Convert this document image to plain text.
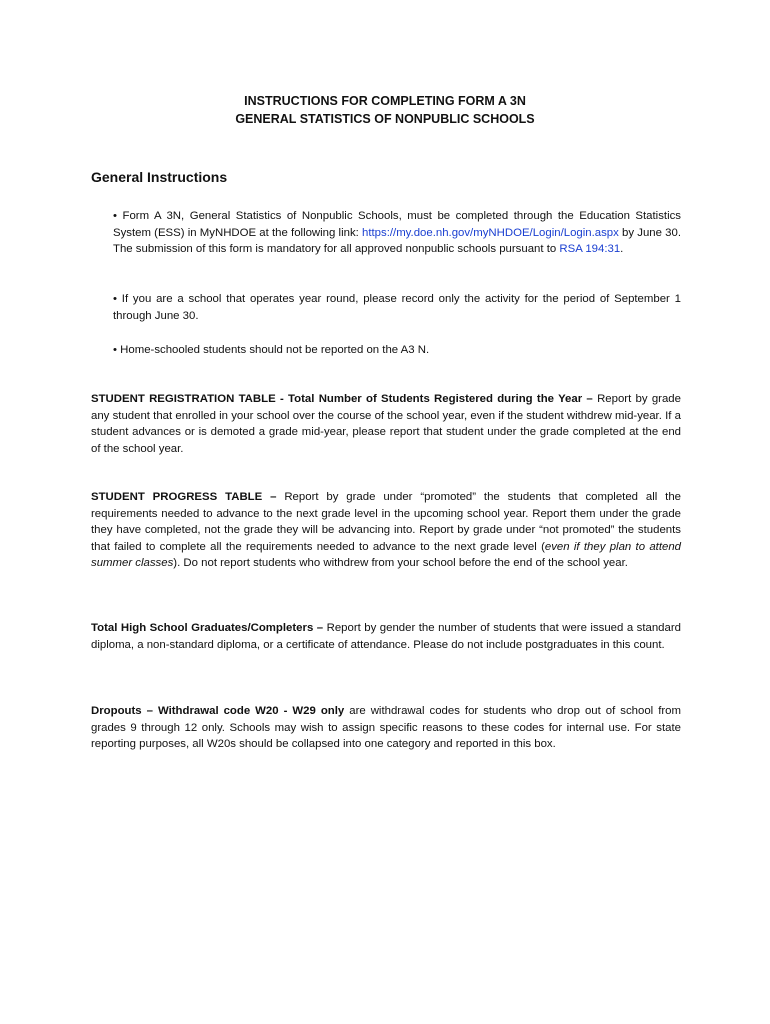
INSTRUCTIONS FOR COMPLETING FORM A 3N
GENERAL STATISTICS OF NONPUBLIC SCHOOLS
General Instructions
• Form A 3N, General Statistics of Nonpublic Schools, must be completed through the Education Statistics System (ESS) in MyNHDOE at the following link: https://my.doe.nh.gov/myNHDOE/Login/Login.aspx by June 30. The submission of this form is mandatory for all approved nonpublic schools pursuant to RSA 194:31.
• If you are a school that operates year round, please record only the activity for the period of September 1 through June 30.
• Home-schooled students should not be reported on the A3 N.
STUDENT REGISTRATION TABLE - Total Number of Students Registered during the Year – Report by grade any student that enrolled in your school over the course of the school year, even if the student withdrew mid-year. If a student advances or is demoted a grade mid-year, please report that student under the grade completed at the end of the school year.
STUDENT PROGRESS TABLE – Report by grade under “promoted” the students that completed all the requirements needed to advance to the next grade level in the upcoming school year. Report them under the grade they have completed, not the grade they will be advancing into. Report by grade under “not promoted” the students that failed to complete all the requirements needed to advance to the next grade level (even if they plan to attend summer classes). Do not report students who withdrew from your school before the end of the school year.
Total High School Graduates/Completers – Report by gender the number of students that were issued a standard diploma, a non-standard diploma, or a certificate of attendance. Please do not include postgraduates in this count.
Dropouts – Withdrawal code W20 - W29 only are withdrawal codes for students who drop out of school from grades 9 through 12 only. Schools may wish to assign specific reasons to these codes for internal use. For state reporting purposes, all W20s should be collapsed into one category and reported in this box.
